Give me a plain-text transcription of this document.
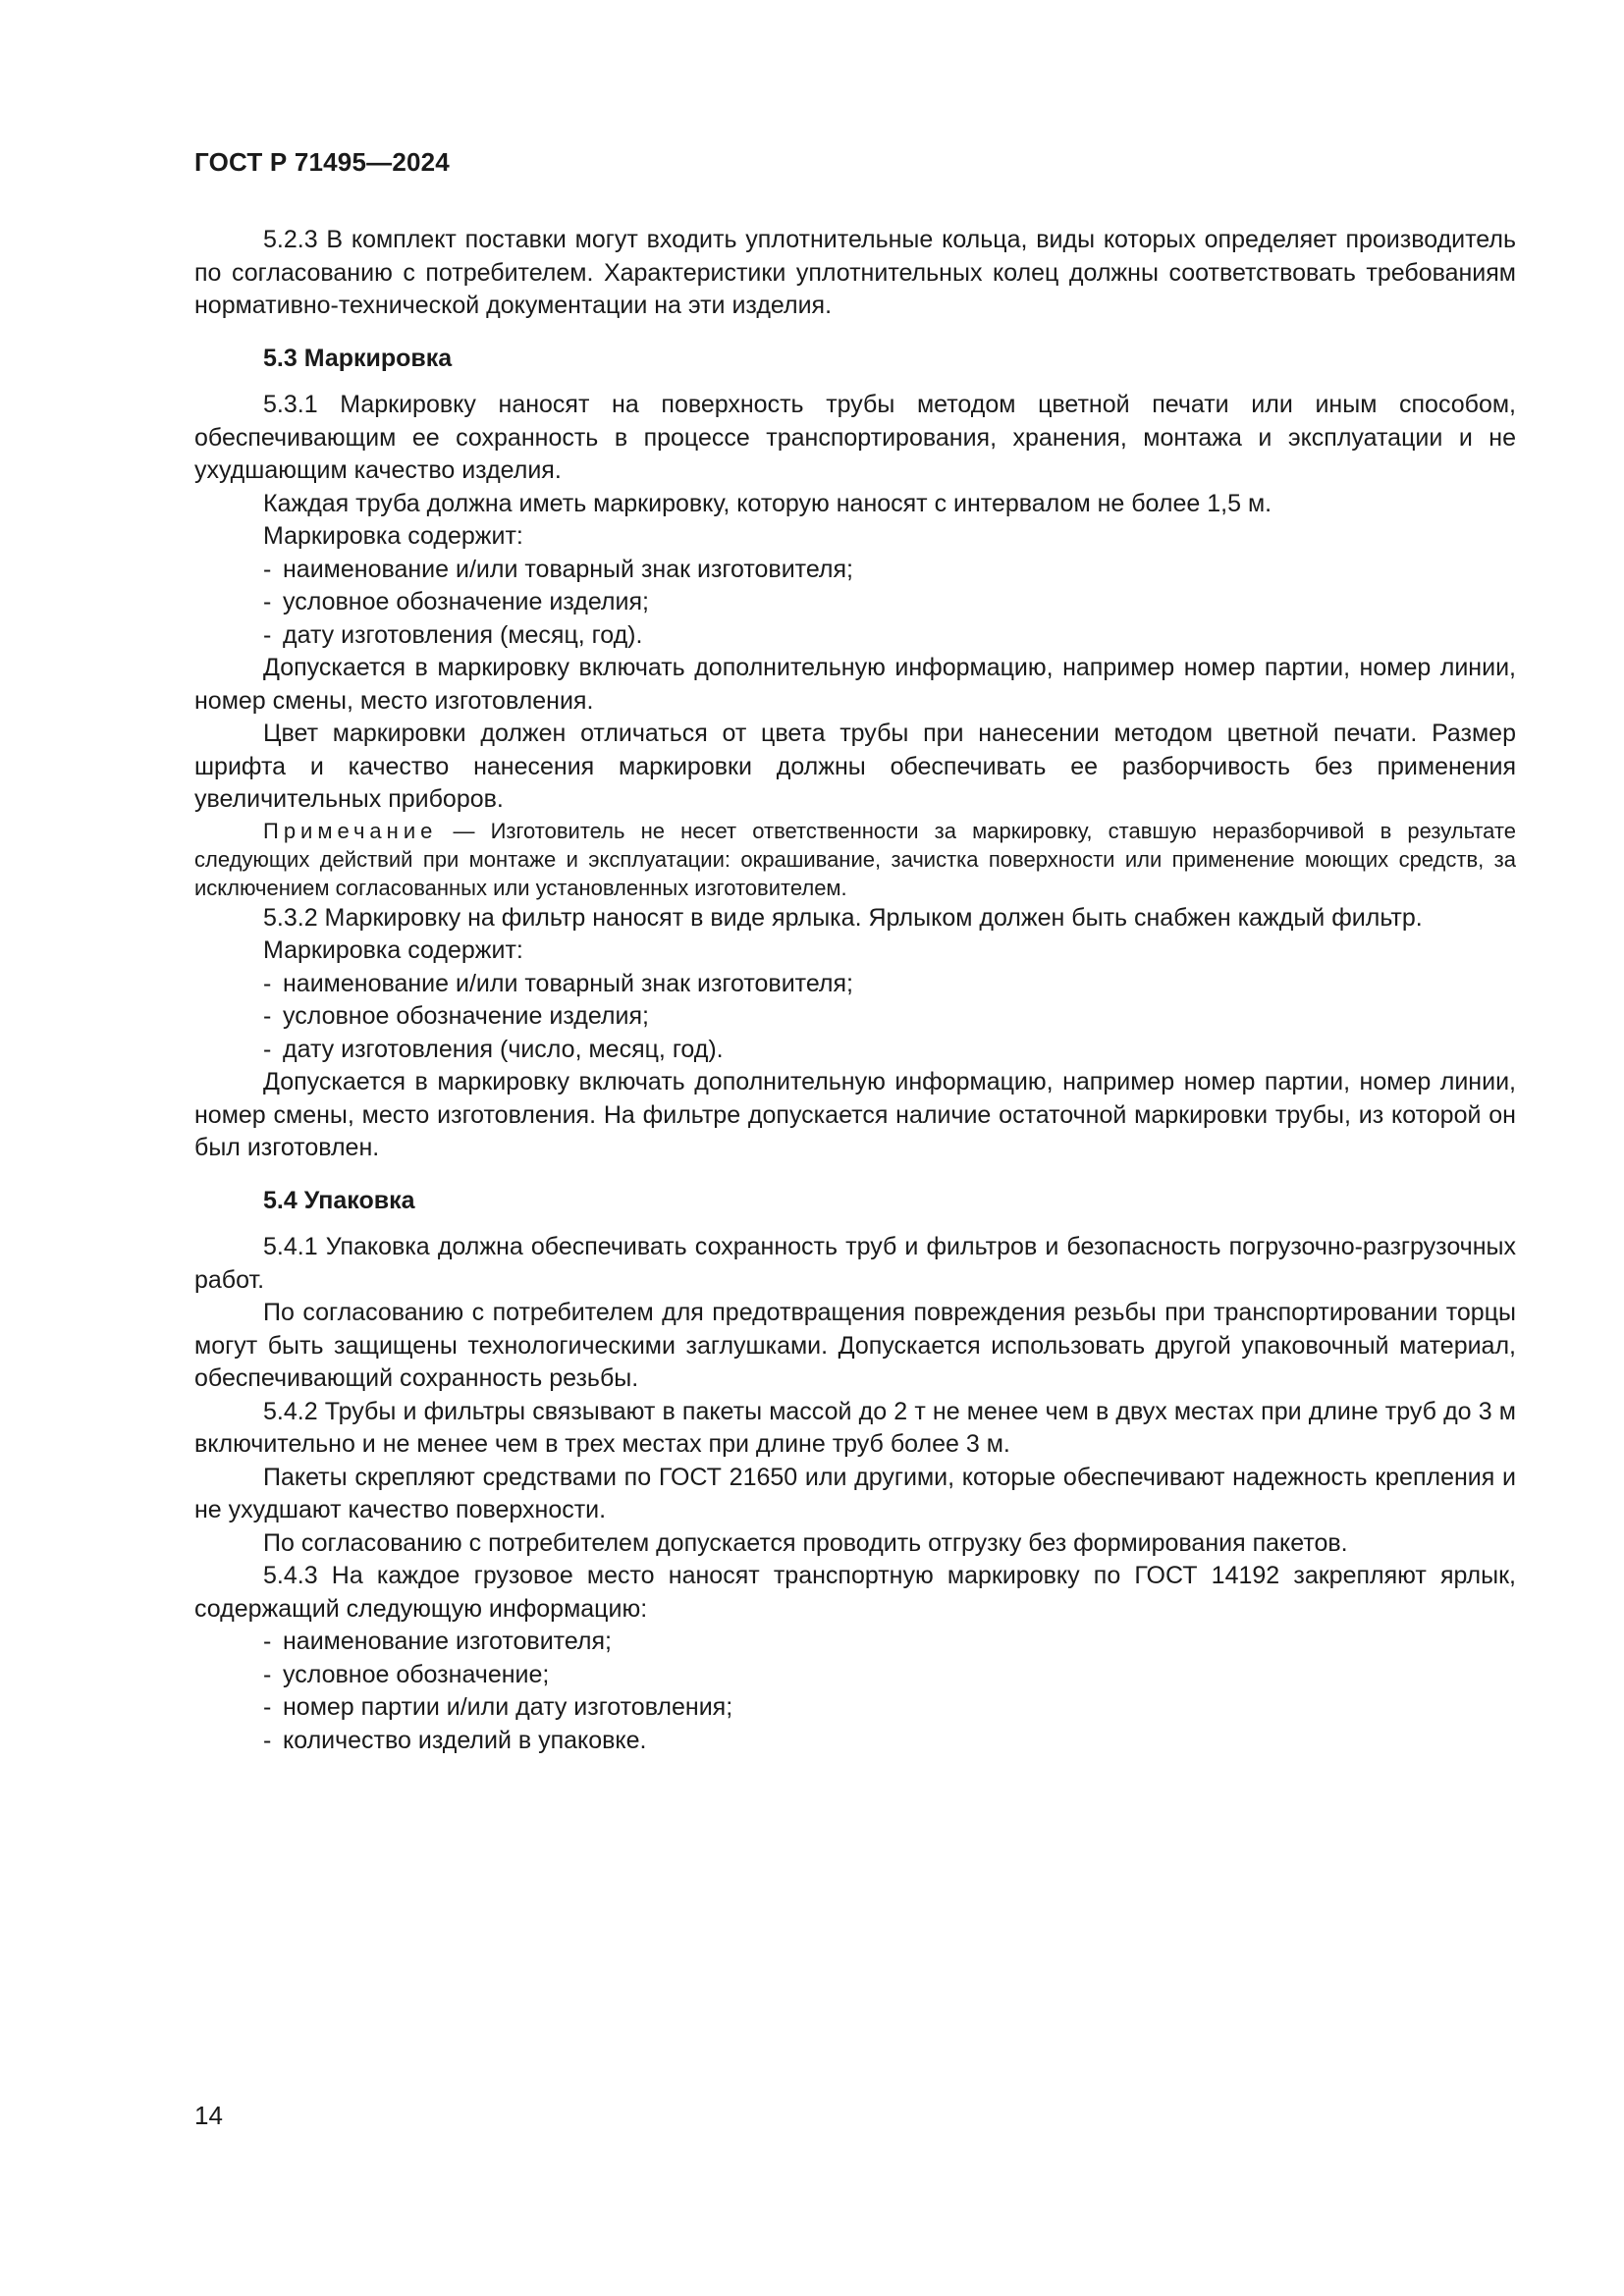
ГОСТ Р 71495—2024

5.2.3 В комплект поставки могут входить уплотнительные кольца, виды которых определяет производитель по согласованию с потребителем. Характеристики уплотнительных колец должны соответствовать требованиям нормативно-технической документации на эти изделия.

5.3 Маркировка

5.3.1 Маркировку наносят на поверхность трубы методом цветной печати или иным способом, обеспечивающим ее сохранность в процессе транспортирования, хранения, монтажа и эксплуатации и не ухудшающим качество изделия.

Каждая труба должна иметь маркировку, которую наносят с интервалом не более 1,5 м.

Маркировка содержит:

- наименование и/или товарный знак изготовителя;
- условное обозначение изделия;
- дату изготовления (месяц, год).

Допускается в маркировку включать дополнительную информацию, например номер партии, номер линии, номер смены, место изготовления.

Цвет маркировки должен отличаться от цвета трубы при нанесении методом цветной печати. Размер шрифта и качество нанесения маркировки должны обеспечивать ее разборчивость без применения увеличительных приборов.

Примечание — Изготовитель не несет ответственности за маркировку, ставшую неразборчивой в результате следующих действий при монтаже и эксплуатации: окрашивание, зачистка поверхности или применение моющих средств, за исключением согласованных или установленных изготовителем.

5.3.2 Маркировку на фильтр наносят в виде ярлыка. Ярлыком должен быть снабжен каждый фильтр.

Маркировка содержит:

- наименование и/или товарный знак изготовителя;
- условное обозначение изделия;
- дату изготовления (число, месяц, год).

Допускается в маркировку включать дополнительную информацию, например номер партии, номер линии, номер смены, место изготовления. На фильтре допускается наличие остаточной маркировки трубы, из которой он был изготовлен.

5.4 Упаковка

5.4.1 Упаковка должна обеспечивать сохранность труб и фильтров и безопасность погрузочно-разгрузочных работ.

По согласованию с потребителем для предотвращения повреждения резьбы при транспортировании торцы могут быть защищены технологическими заглушками. Допускается использовать другой упаковочный материал, обеспечивающий сохранность резьбы.

5.4.2 Трубы и фильтры связывают в пакеты массой до 2 т не менее чем в двух местах при длине труб до 3 м включительно и не менее чем в трех местах при длине труб более 3 м.

Пакеты скрепляют средствами по ГОСТ 21650 или другими, которые обеспечивают надежность крепления и не ухудшают качество поверхности.

По согласованию с потребителем допускается проводить отгрузку без формирования пакетов.

5.4.3 На каждое грузовое место наносят транспортную маркировку по ГОСТ 14192 закрепляют ярлык, содержащий следующую информацию:

- наименование изготовителя;
- условное обозначение;
- номер партии и/или дату изготовления;
- количество изделий в упаковке.

14
